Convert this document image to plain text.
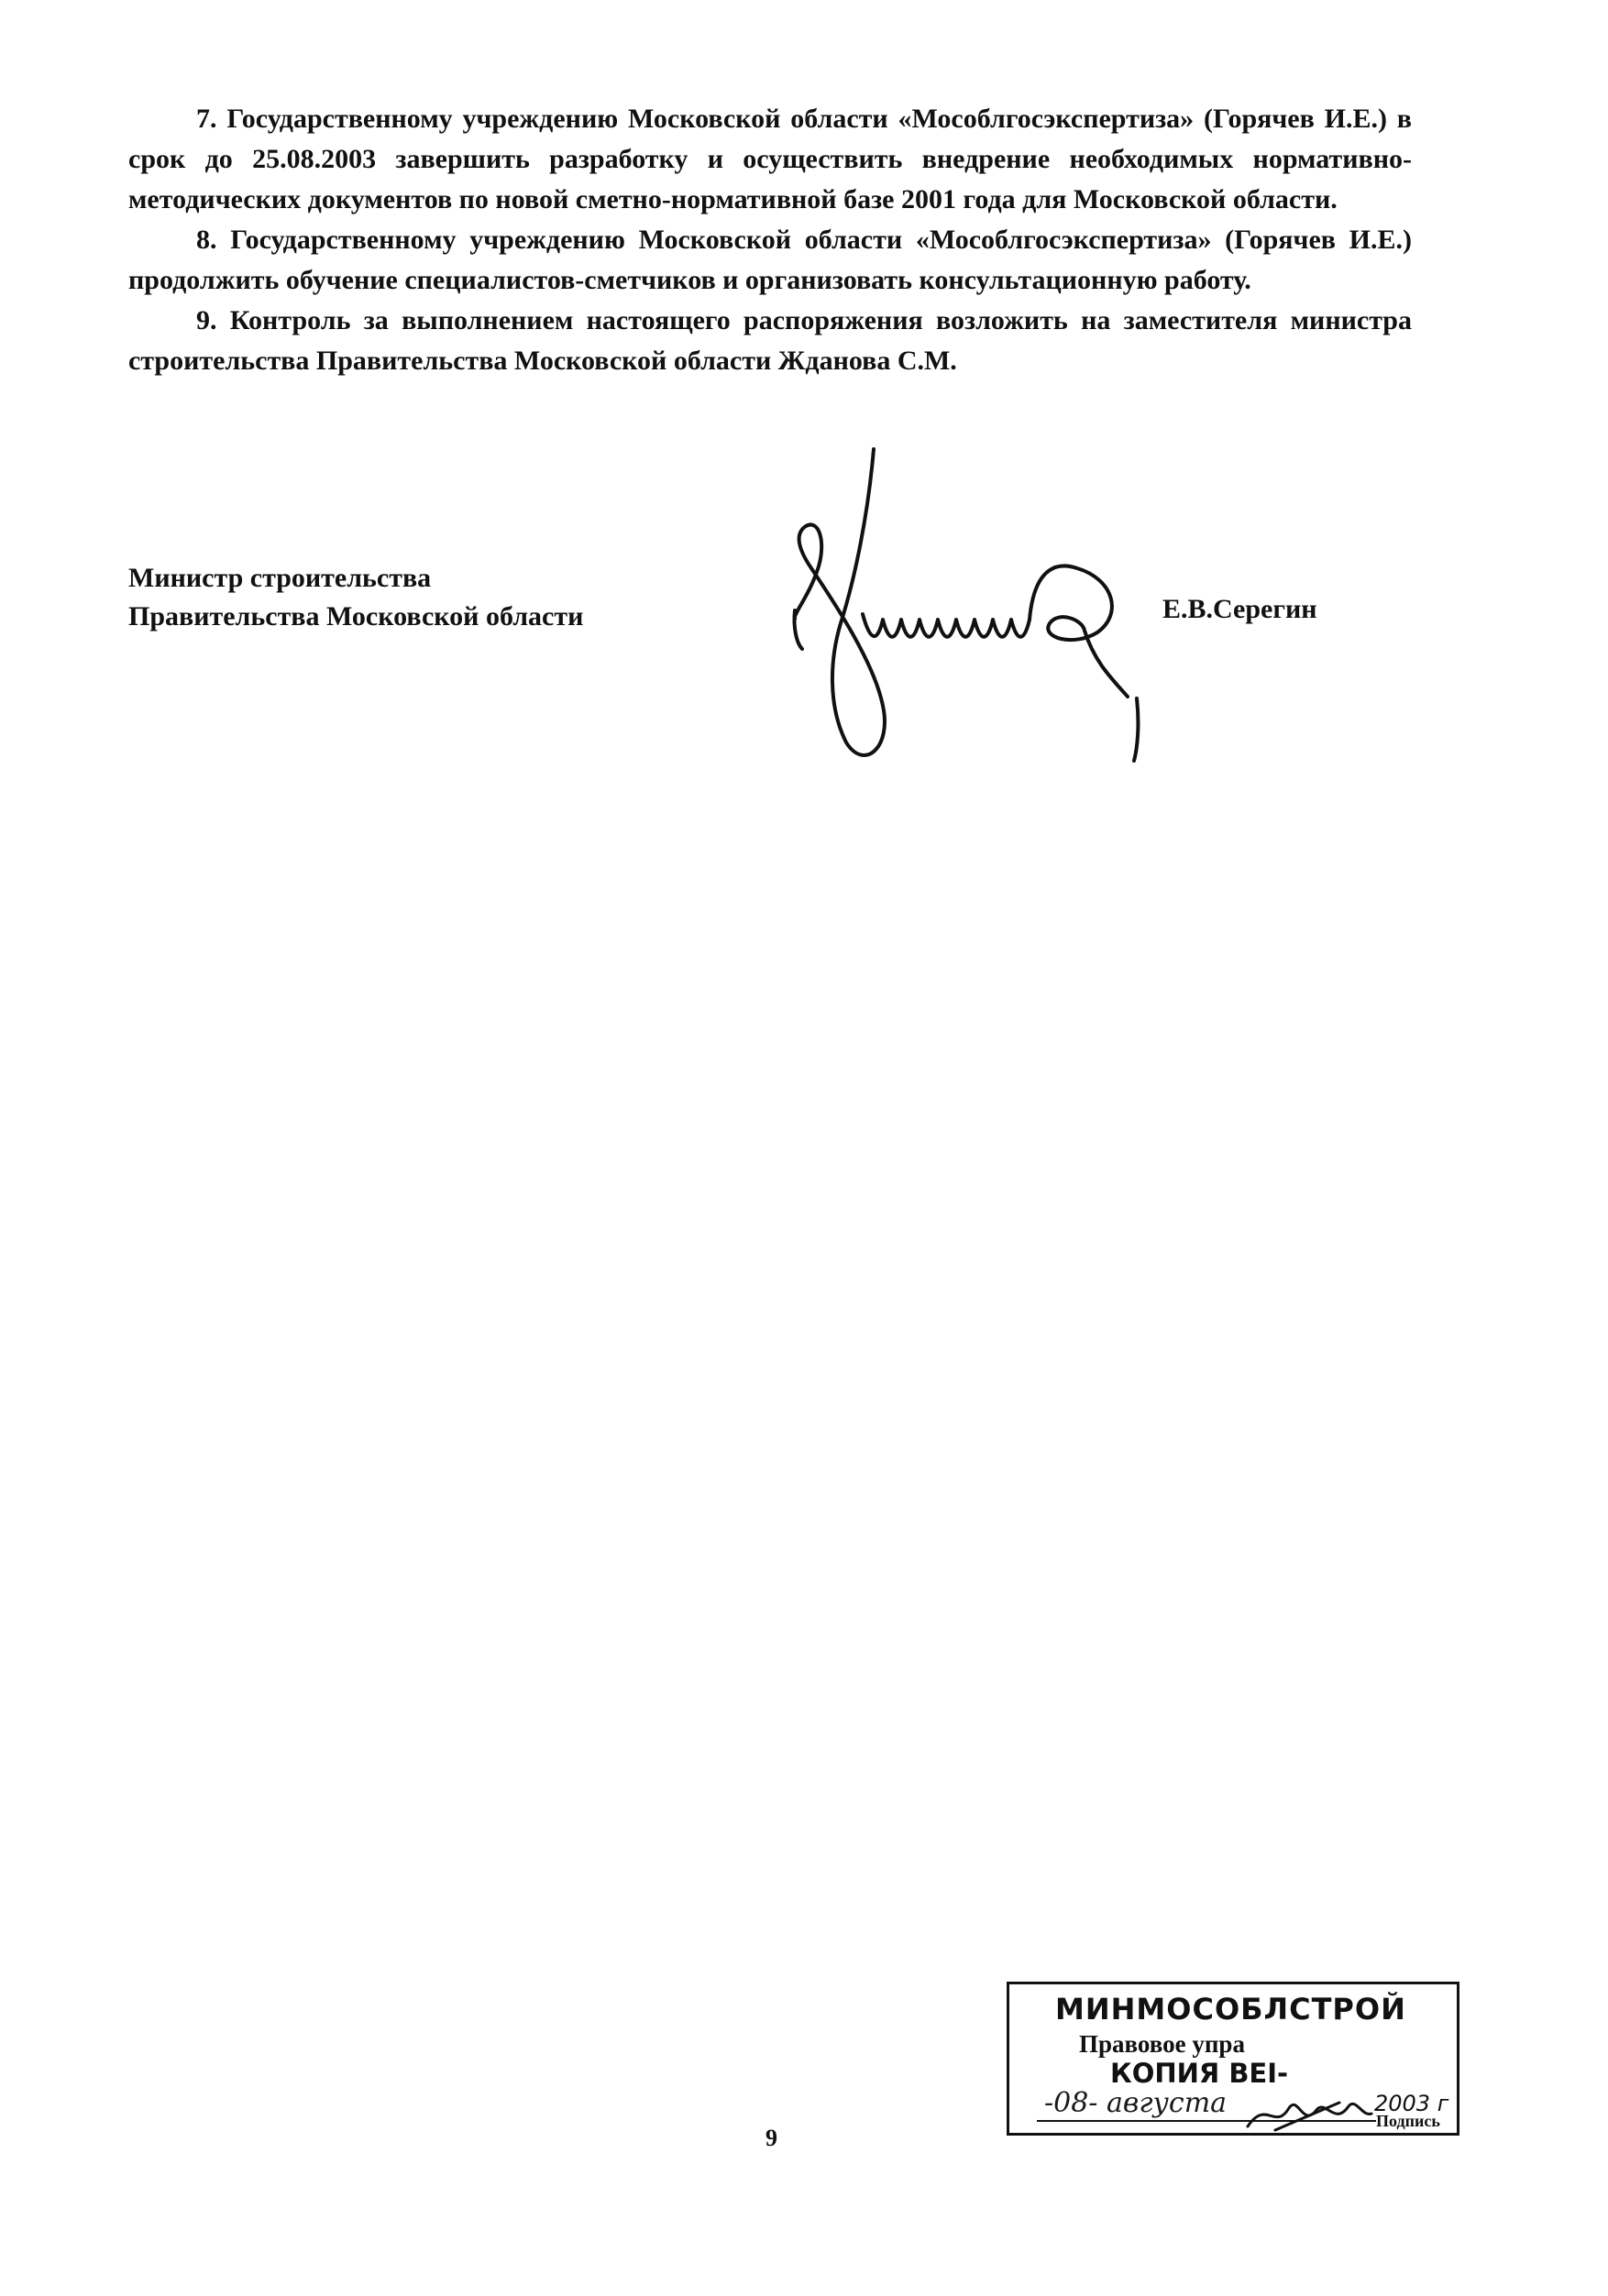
7. Государственному учреждению Московской области «Мособлгосэкспертиза» (Горячев И.Е.) в срок до 25.08.2003 завершить разработку и осуществить внедрение необходимых нормативно-методических документов по новой сметно-нормативной базе 2001 года для Московской области.

8. Государственному учреждению Московской области «Мособлгосэкспертиза» (Горячев И.Е.) продолжить обучение специалистов-сметчиков и организовать консультационную работу.

9. Контроль за выполнением настоящего распоряжения возложить на заместителя министра строительства Правительства Московской области Жданова С.М.

Министр строительства
Правительства Московской области	Е.В.Серегин
МИНМОСОБЛСТРОЙ
Правовое упра
КОПИЯ ВЕІ-
-08- августа	2003 г
Подпись
9
